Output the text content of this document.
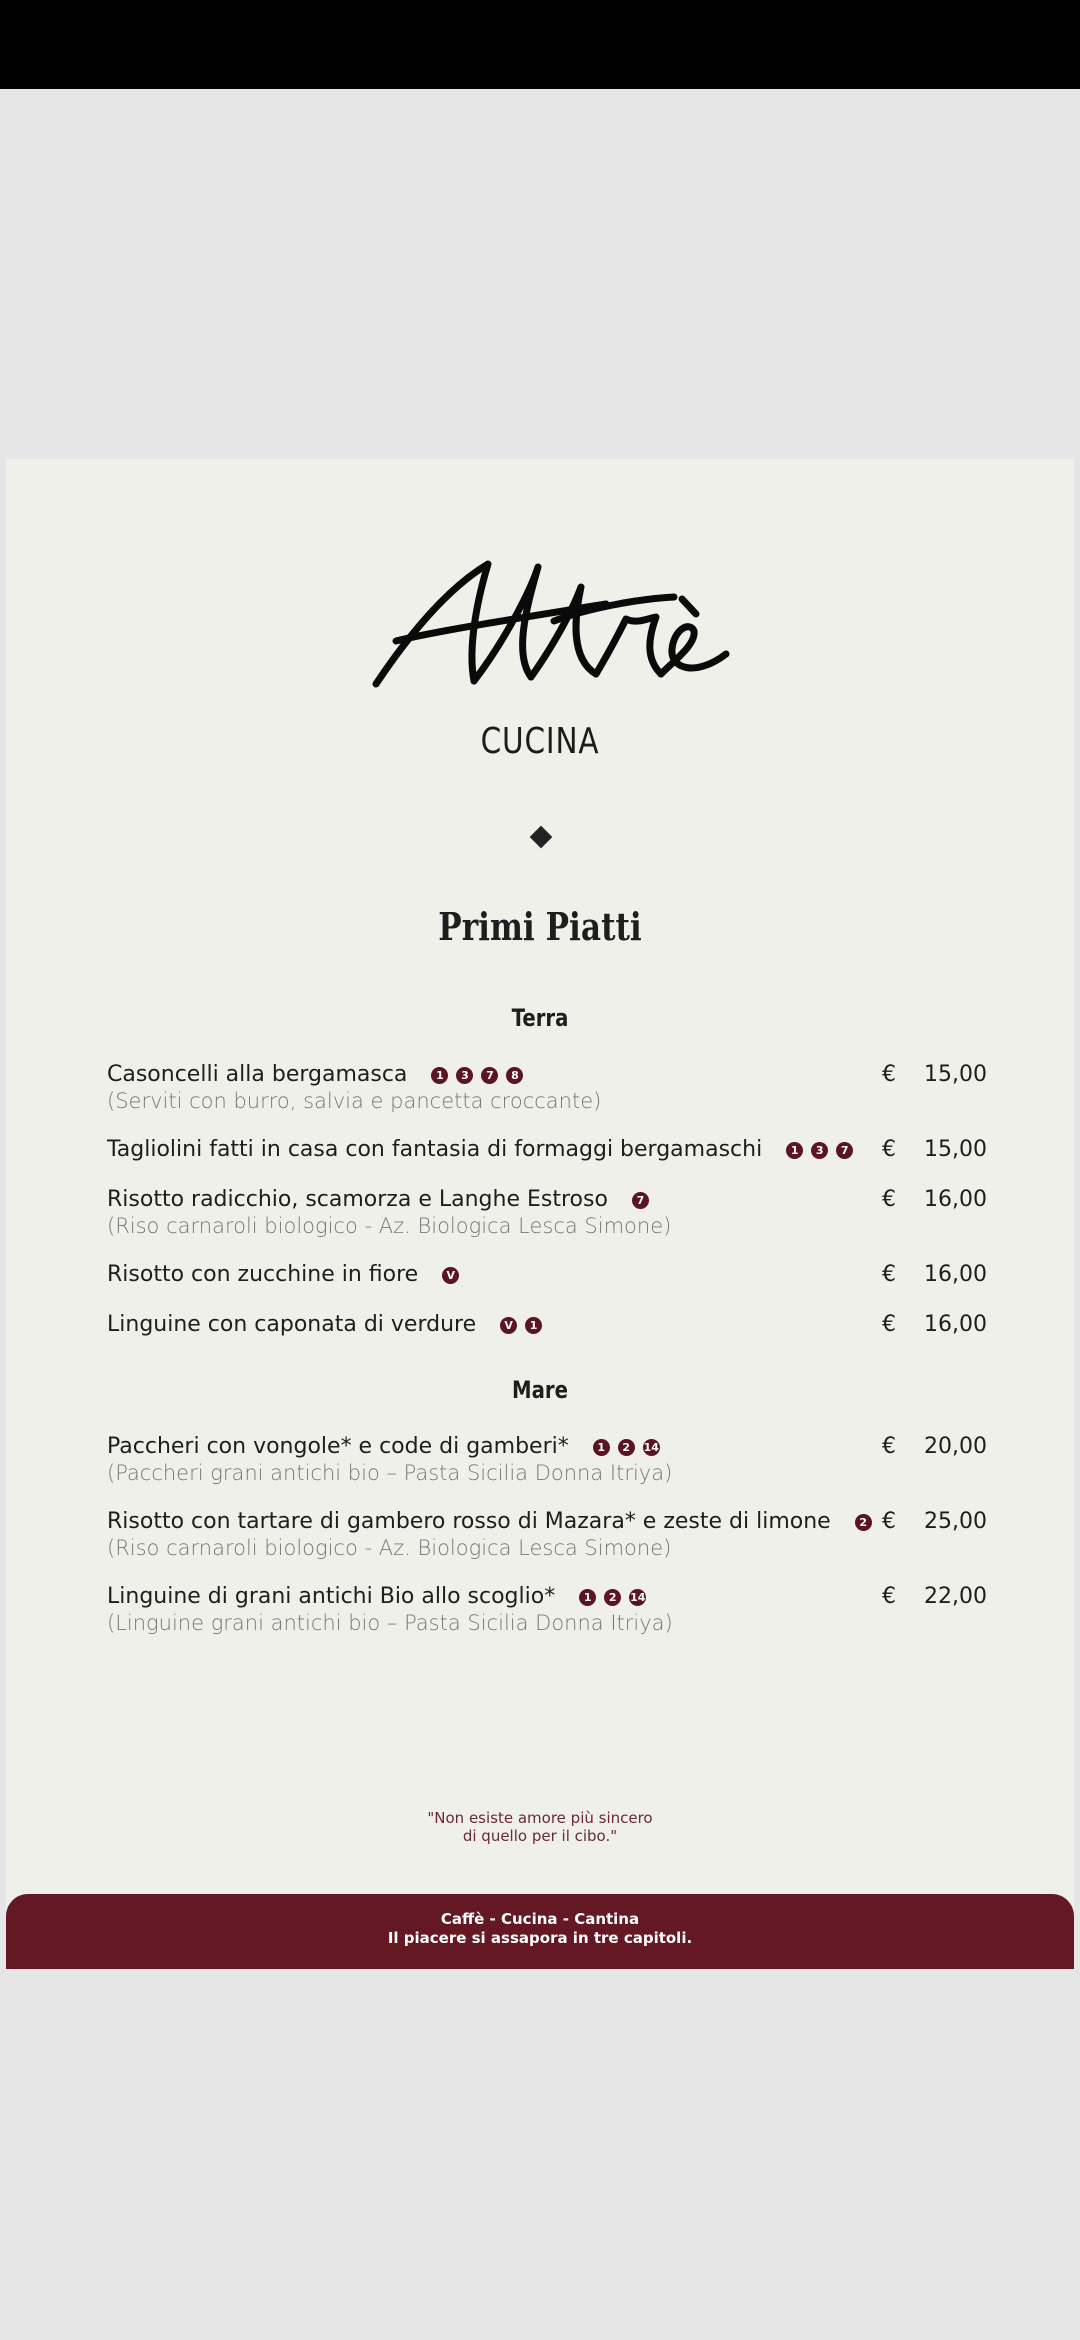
Altrè
CUCINA
Primi Piatti
Terra
Casoncelli alla bergamasca	1	3	7	8
(Serviti con burro, salvia e pancetta croccante)
€ 15,00
Tagliolini fatti in casa con fantasia di formaggi bergamaschi	1	3	7 € 15,00
Risotto radicchio, scamorza e Langhe Estroso	7
(Riso carnaroli biologico - Az. Biologica Lesca Simone)
€ 16,00
Risotto con zucchine in fiore	V	€ 16,00
Linguine con caponata di verdure	V	1	€ 16,00
Mare
Paccheri con vongole* e code di gamberi*	1	2	14
(Paccheri grani antichi bio – Pasta Sicilia Donna Itriya)
€ 20,00
Risotto con tartare di gambero rosso di Mazara* e zeste di limone	2
(Riso carnaroli biologico - Az. Biologica Lesca Simone)
€ 25,00
Linguine di grani antichi Bio allo scoglio*	1	2	14
(Linguine grani antichi bio – Pasta Sicilia Donna Itriya)
€ 22,00
"Non esiste amore più sincero
di quello per il cibo."
Caffè - Cucina - Cantina
Il piacere si assapora in tre capitoli.
